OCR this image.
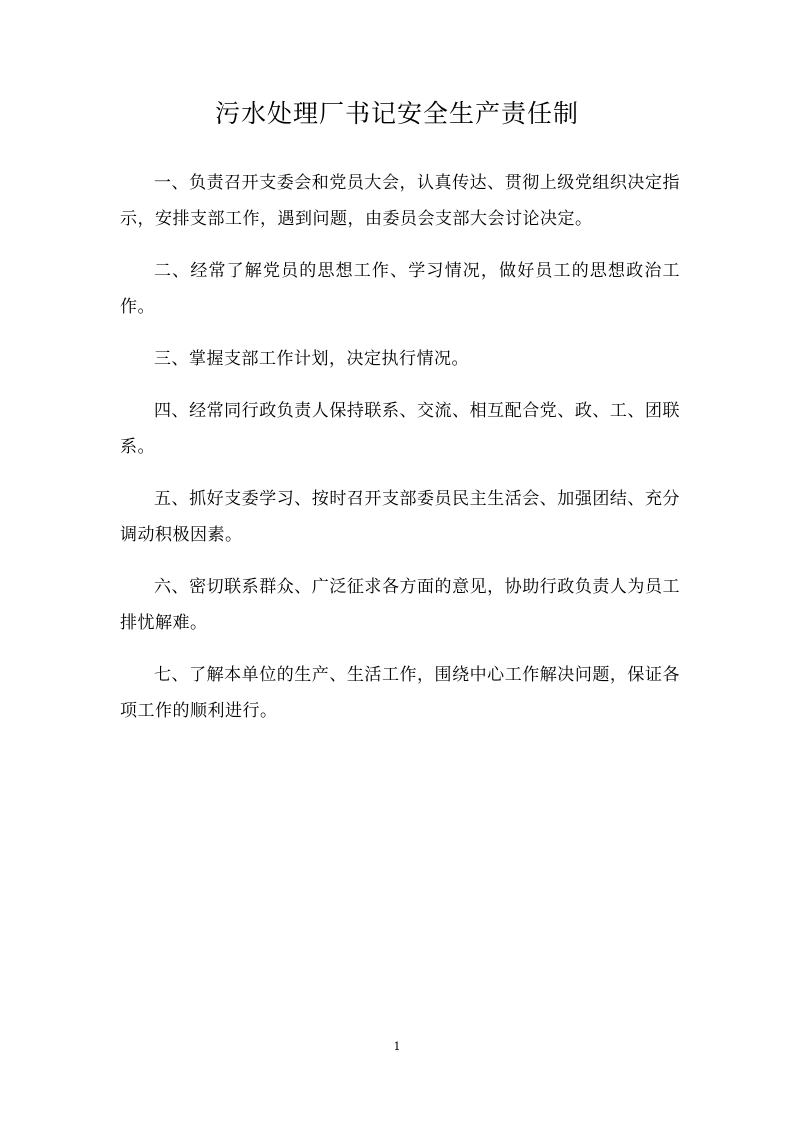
污水处理厂书记安全生产责任制

一、负责召开支委会和党员大会，认真传达、贯彻上级党组织决定指示，安排支部工作，遇到问题，由委员会支部大会讨论决定。

二、经常了解党员的思想工作、学习情况，做好员工的思想政治工作。

三、掌握支部工作计划，决定执行情况。

四、经常同行政负责人保持联系、交流、相互配合党、政、工、团联系。

五、抓好支委学习、按时召开支部委员民主生活会、加强团结、充分调动积极因素。

六、密切联系群众、广泛征求各方面的意见，协助行政负责人为员工排忧解难。

七、了解本单位的生产、生活工作，围绕中心工作解决问题，保证各项工作的顺利进行。

1
